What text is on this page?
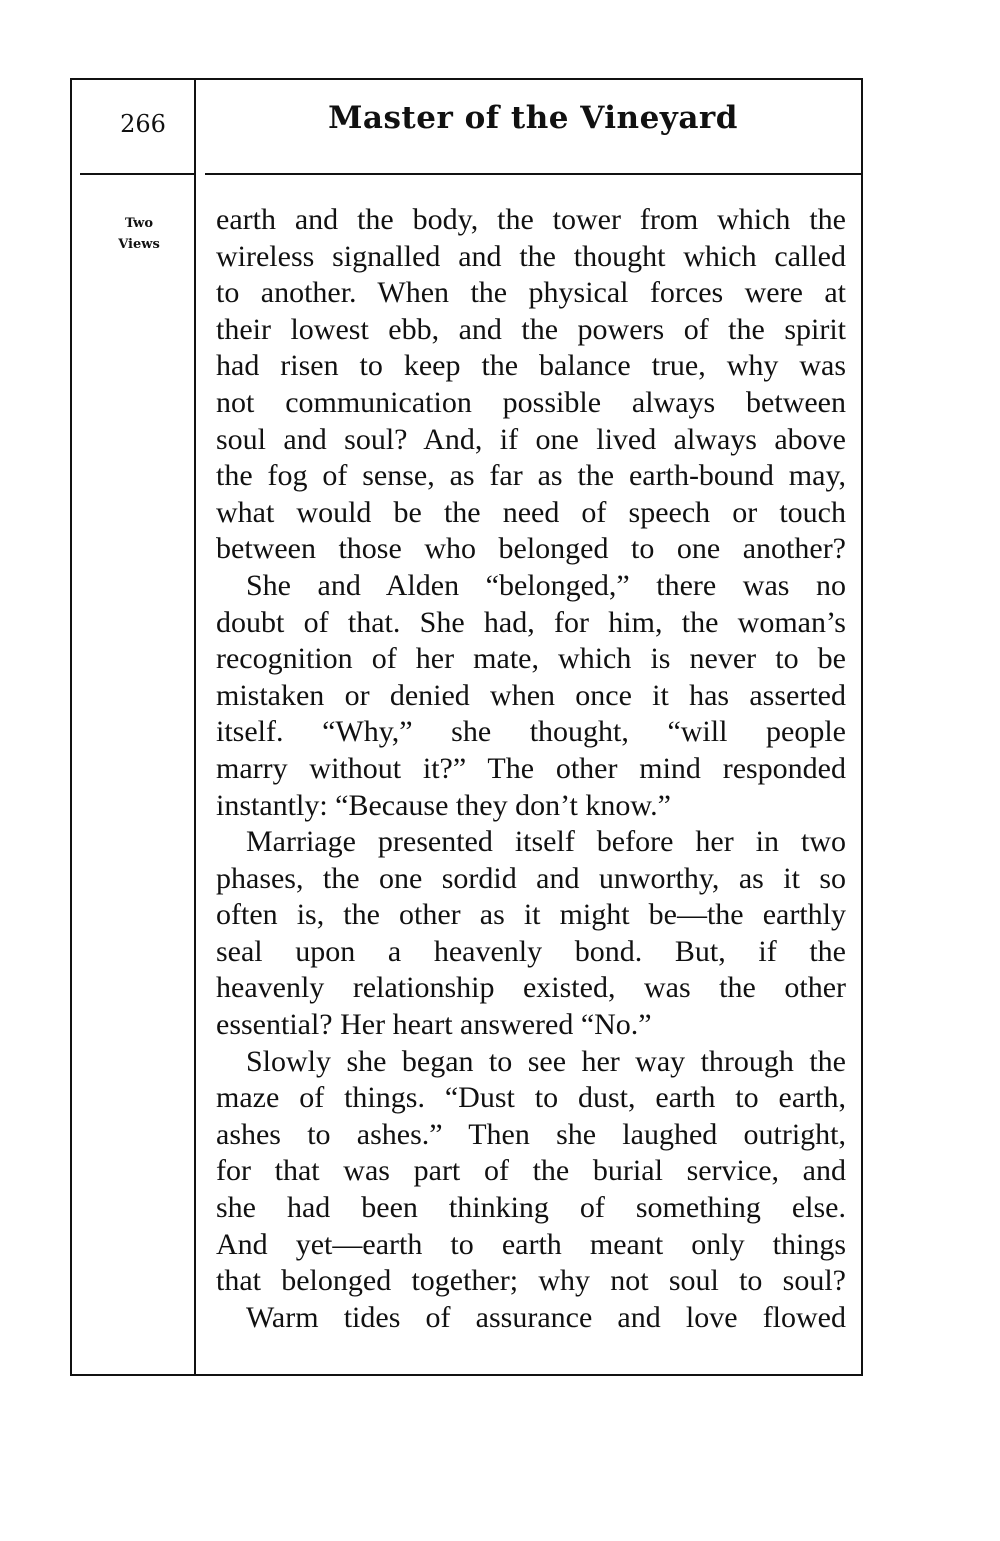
266	Master of the Vineyard
Two
Views
earth and the body, the tower from which the
wireless signalled and the thought which called
to another. When the physical forces were at
their lowest ebb, and the powers of the spirit
had risen to keep the balance true, why was
not communication possible always between
soul and soul? And, if one lived always above
the fog of sense, as far as the earth-bound may,
what would be the need of speech or touch
between those who belonged to one another?
She and Alden “belonged,” there was no
doubt of that. She had, for him, the woman’s
recognition of her mate, which is never to be
mistaken or denied when once it has asserted
itself. “Why,” she thought, “will people
marry without it?” The other mind responded
instantly: “Because they don’t know.”
Marriage presented itself before her in two
phases, the one sordid and unworthy, as it so
often is, the other as it might be—the earthly
seal upon a heavenly bond. But, if the
heavenly relationship existed, was the other
essential? Her heart answered “No.”
Slowly she began to see her way through the
maze of things. “Dust to dust, earth to earth,
ashes to ashes.” Then she laughed outright,
for that was part of the burial service, and
she had been thinking of something else.
And yet—earth to earth meant only things
that belonged together; why not soul to soul?
Warm tides of assurance and love flowed
